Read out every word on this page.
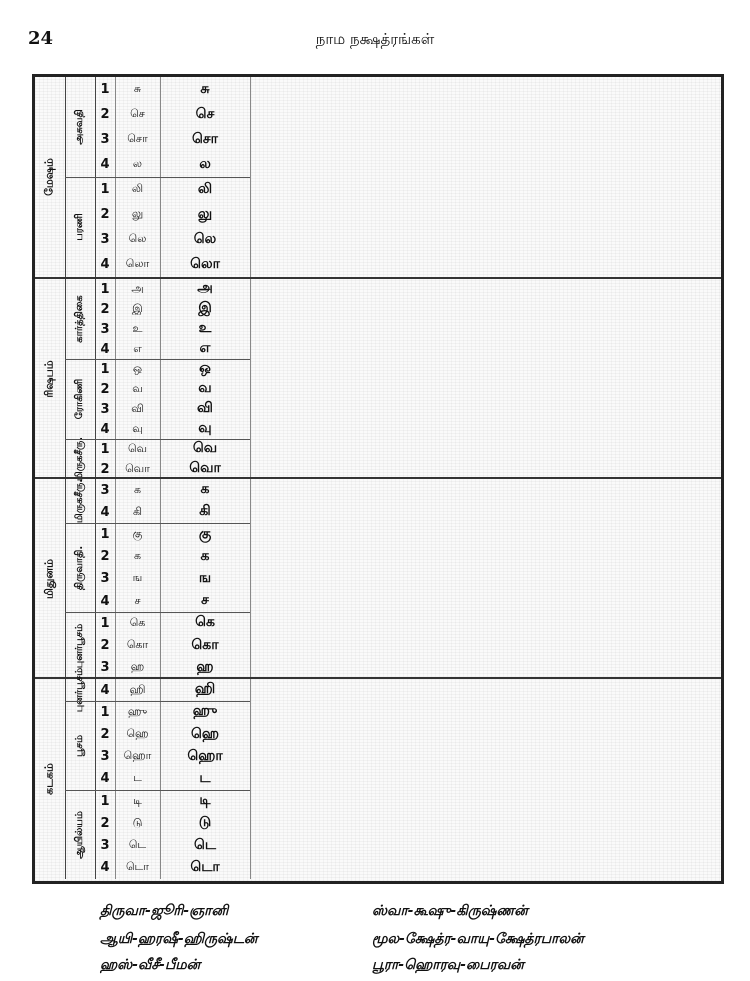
24	நாம நக்ஷத்ரங்கள்
மேஷம்
அசுவதி
1	சு	சு
2	செ	செ
3	சொ	சொ
4	ல	ல
பரணி
1	லி	லி
2	லு	லு
3	லெ	லெ
4	லொ	லொ
ரிஷபம்
கார்த்திகை
1	அ	அ
2	இ	இ
3	உ	உ
4	எ	எ
ரோகிணி
1	ஒ	ஒ
2	வ	வ
3	வி	வி
4	வு	வு
மிருகசீரு.	1	வெ	வெ
2	வொ	வொ
மிதுனம்
மிருகசீரு.	3	க	க
4	கி	கி
திருவாதி.
1	கு	கு
2	க	க
3	ங	ங
4	ச	ச
புனர்பூசம்
1	கெ	கெ
2	கொ	கொ
3	ஹ	ஹ
கடகம்
புனர்பூசம்	4	ஹி	ஹி
பூசம்
1	ஹு	ஹு
2	ஹெ	ஹெ
3	ஹொ	ஹொ
4	ட	ட
ஆயில்யம்
1	டி	டி
2	டு	டு
3	டெ	டெ
4	டொ	டொ
திருவா-ஜூரி-ஞானி
ஆயி-ஹரஷீ-ஹிருஷ்டன்
ஹஸ்-வீசீ-பீமன்
ஸ்வா-கூஷு-கிருஷ்ணன்
மூல-க்ஷேத்ர-வாயு-க்ஷேத்ரபாலன்
பூரா-ஹொரவு-பைரவன்
